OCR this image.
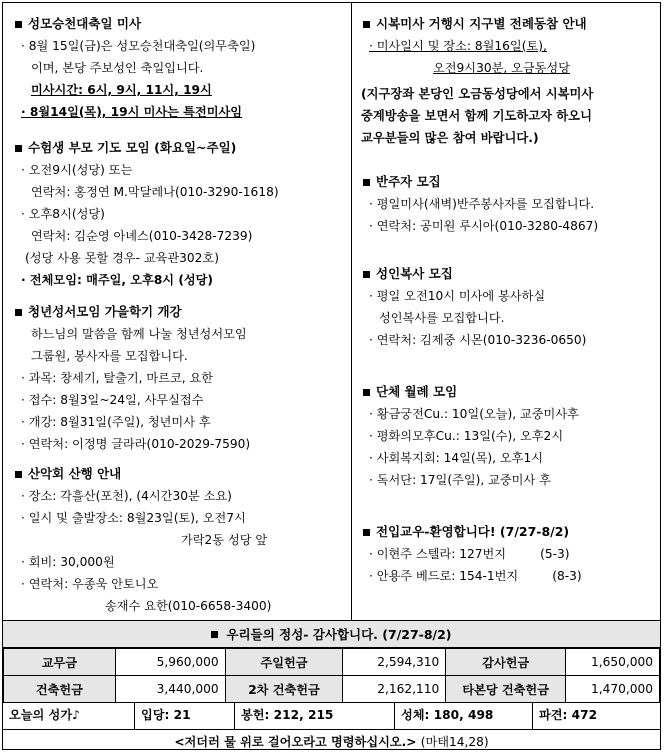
성모승천대축일 미사
· 8월 15일(금)은 성모승천대축일(의무축일)
이며, 본당 주보성인 축일입니다.
미사시간: 6시, 9시, 11시, 19시
· 8월14일(목), 19시 미사는 특전미사임
수험생 부모 기도 모임 (화요일~주일)
· 오전9시(성당) 또는
연락처: 홍정연 M.막달레나(010-3290-1618)
· 오후8시(성당)
연락처: 김순영 아녜스(010-3428-7239)
(성당 사용 못할 경우- 교육관302호)
· 전체모임: 매주일, 오후8시 (성당)
청년성서모임 가을학기 개강
하느님의 말씀을 함께 나눌 청년성서모임
그룹원, 봉사자를 모집합니다.
· 과목: 창세기, 탈출기, 마르코, 요한
· 접수: 8월3일~24일, 사무실접수
· 개강: 8월31일(주일), 청년미사 후
· 연락처: 이정명 글라라(010-2029-7590)
산악회 산행 안내
· 장소: 각흘산(포천), (4시간30분 소요)
· 일시 및 출발장소: 8월23일(토), 오전7시
가락2동 성당 앞
· 회비: 30,000원
· 연락처: 우종욱 안토니오
송재수 요한(010-6658-3400)
시복미사 거행시 지구별 전례동참 안내
· 미사일시 및 장소: 8월16일(토),
오전9시30분, 오금동성당
(지구장좌 본당인 오금동성당에서 시복미사
중계방송을 보면서 함께 기도하고자 하오니
교우분들의 많은 참여 바랍니다.)
반주자 모집
· 평일미사(새벽)반주봉사자를 모집합니다.
· 연락처: 공미원 루시아(010-3280-4867)
성인복사 모집
· 평일 오전10시 미사에 봉사하실
성인복사를 모집합니다.
· 연락처: 김제중 시몬(010-3236-0650)
단체 월례 모임
· 황금궁전Cu.: 10일(오늘), 교중미사후
· 평화의모후Cu.: 13일(수), 오후2시
· 사회복지회: 14일(목), 오후1시
· 독서단: 17일(주일), 교중미사 후
전입교우-환영합니다! (7/27-8/2)
· 이현주 스텔라: 127번지	(5-3)
· 안용주 베드로: 154-1번지	(8-3)
우리들의 정성- 감사합니다. (7/27-8/2)
교무금	5,960,000	주일헌금	2,594,310	감사헌금	1,650,000
건축헌금	3,440,000	2차 건축헌금	2,162,110	타본당 건축헌금	1,470,000
오늘의 성가♪	입당: 21	봉헌: 212, 215	성체: 180, 498	파견: 472
<저더러 물 위로 걸어오라고 명령하십시오.> (마태14,28)
